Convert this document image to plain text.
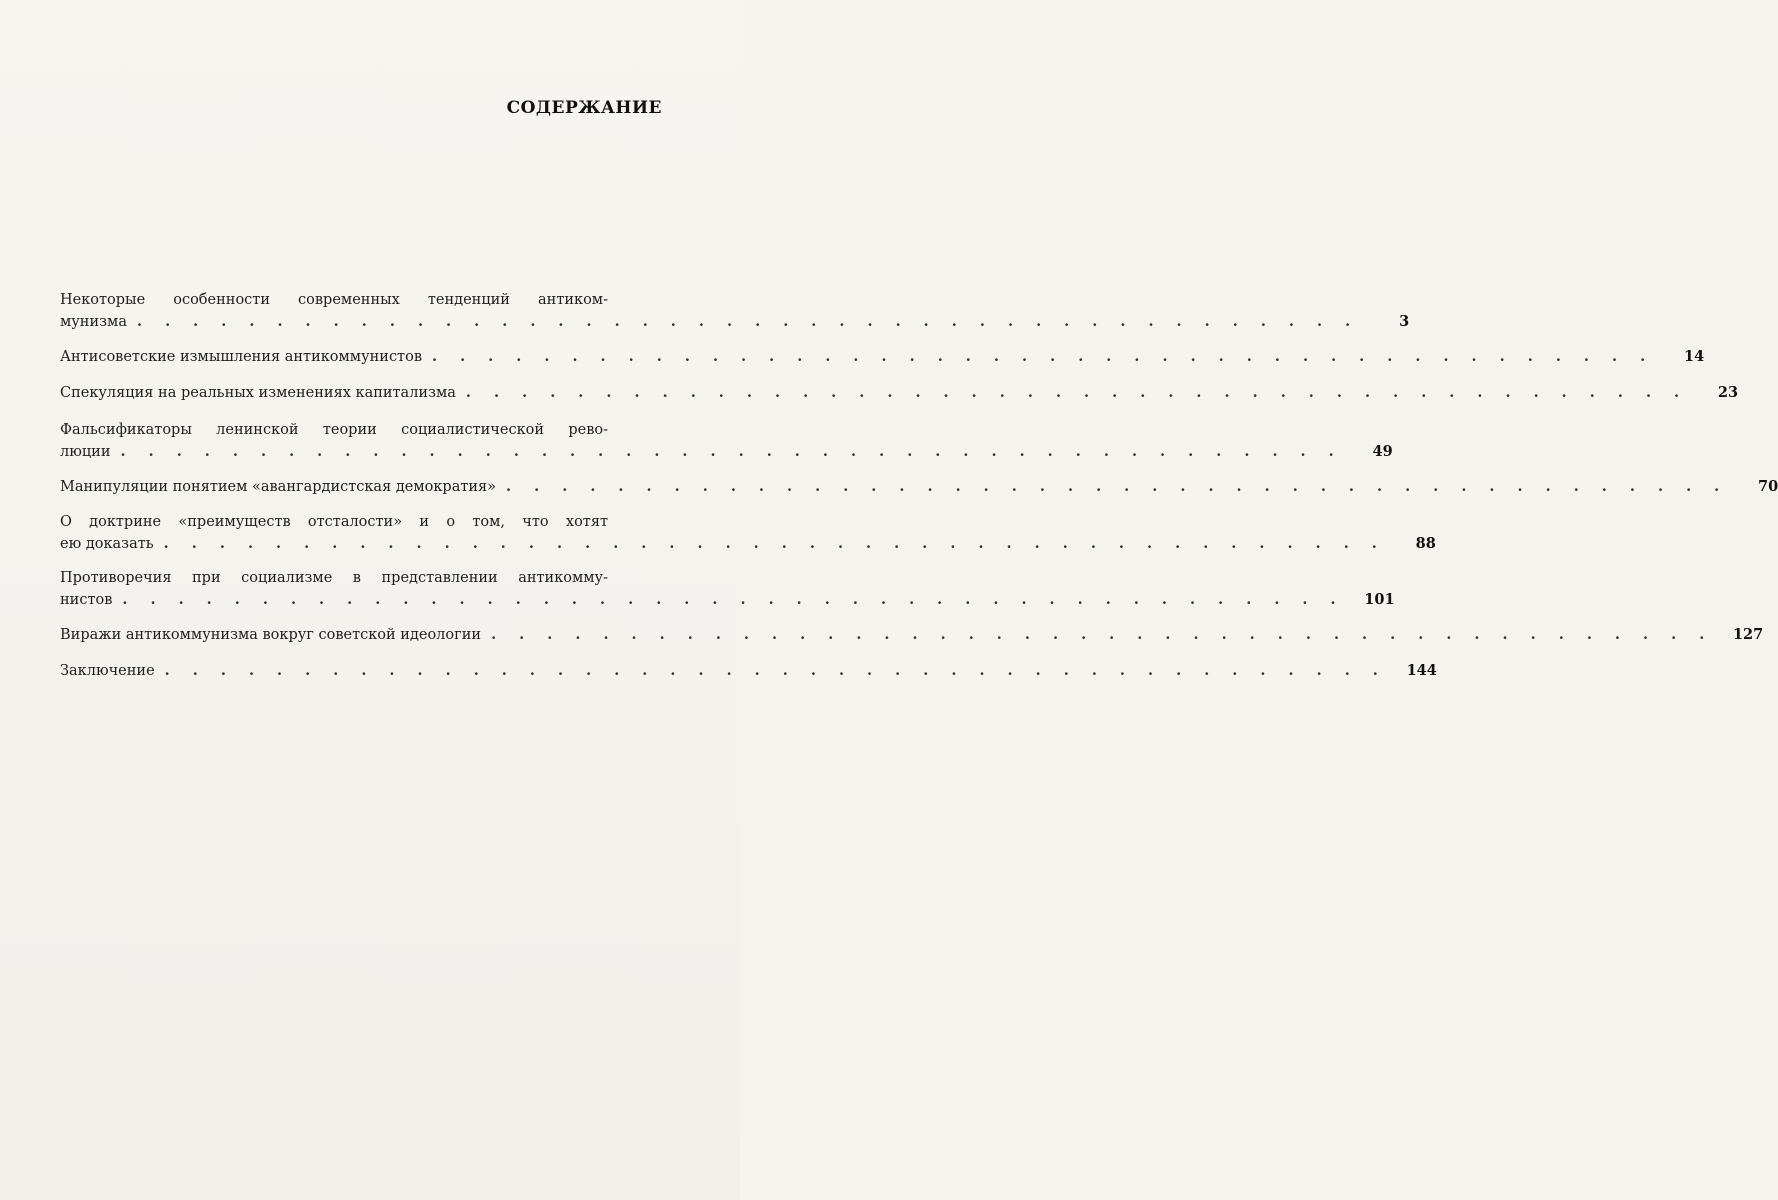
СОДЕРЖАНИЕ
Некоторые особенности современных тенденций антиком-
мунизма . . . . . . . . . . . . . . . . . . . . . . . . . . . . . . . . . . . . . . . . . . . .	3
Антисоветские измышления антикоммунистов . . . . . . . . . . . . . . . . . . . . . . . . . . . . . . . . . . . . . . . . . . . .	14
Спекуляция на реальных изменениях капитализма . . . . . . . . . . . . . . . . . . . . . . . . . . . . . . . . . . . . . . . . . . . .	23
Фальсификаторы ленинской теории социалистической рево-
люции . . . . . . . . . . . . . . . . . . . . . . . . . . . . . . . . . . . . . . . . . . . .	49
Манипуляции понятием «авангардистская демократия» . . . . . . . . . . . . . . . . . . . . . . . . . . . . . . . . . . . . . . . . . . . .	70
О доктрине «преимуществ отсталости» и о том, что хотят
ею доказать . . . . . . . . . . . . . . . . . . . . . . . . . . . . . . . . . . . . . . . . . . . .	88
Противоречия при социализме в представлении антикомму-
нистов . . . . . . . . . . . . . . . . . . . . . . . . . . . . . . . . . . . . . . . . . . . .	101
Виражи антикоммунизма вокруг советской идеологии . . . . . . . . . . . . . . . . . . . . . . . . . . . . . . . . . . . . . . . . . . . .	127
Заключение . . . . . . . . . . . . . . . . . . . . . . . . . . . . . . . . . . . . . . . . . . . .	144
